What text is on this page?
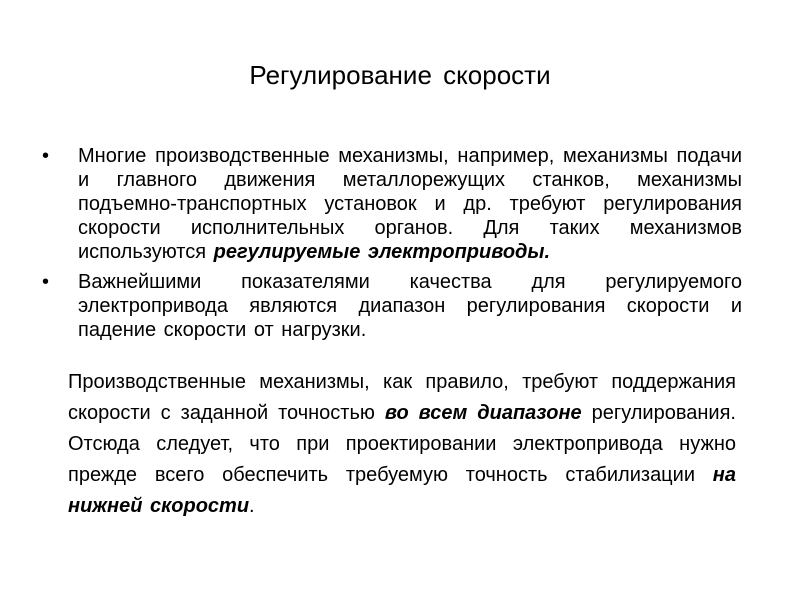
Регулирование скорости
•	Многие производственные механизмы, например, механизмы подачи и главного движения металлорежущих станков, механизмы подъемно-транспортных установок и др. требуют регулирования скорости исполнительных органов. Для таких механизмов используются регулируемые электроприводы.
•	Важнейшими показателями качества для регулируемого электропривода являются диапазон регулирования скорости и падение скорости от нагрузки.

Производственные механизмы, как правило, требуют поддержания скорости с заданной точностью во всем диапазоне регулирования. Отсюда следует, что при проектировании электропривода нужно прежде всего обеспечить требуемую точность стабилизации на нижней скорости.
